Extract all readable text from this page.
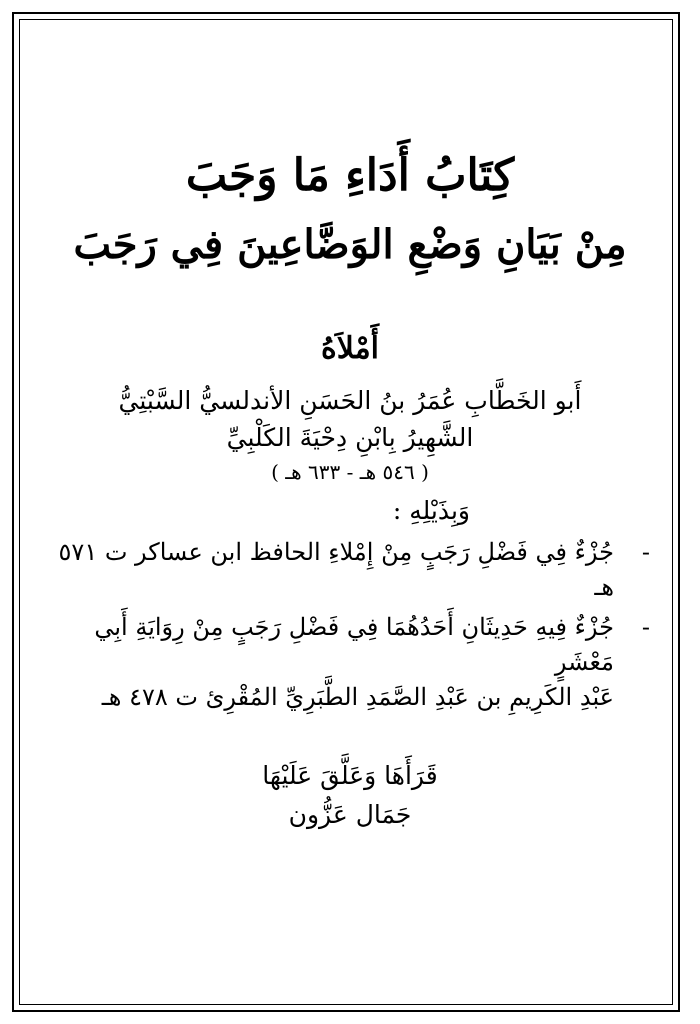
كِتَابُ أَدَاءِ مَا وَجَبَ
مِنْ بَيَانِ وَضْعِ الوَضَّاعِينَ فِي رَجَبَ
أَمْلاَهُ
أَبو الخَطَّابِ عُمَرُ بنُ الحَسَنِ الأندلسيُّ السَّبْتِيُّ
الشَّهِيرُ بِابْنِ دِحْيَةَ الكَلْبِيِّ
( ٥٤٦ هـ - ٦٣٣ هـ )
وَبِذَيْلِهِ :
-
جُزْءٌ فِي فَضْلِ رَجَبٍ مِنْ إِمْلاءِ الحافظ ابن عساكر ت ٥٧١ هـ
-
جُزْءٌ فِيهِ حَدِيثَانِ أَحَدُهُمَا فِي فَضْلِ رَجَبٍ مِنْ رِوَايَةِ أَبِي مَعْشَرٍ
عَبْدِ الكَرِيمِ بن عَبْدِ الصَّمَدِ الطَّبَرِيِّ المُقْرِئ ت ٤٧٨ هـ
قَرَأَهَا وَعَلَّقَ عَلَيْهَا
جَمَال عَزُّون
